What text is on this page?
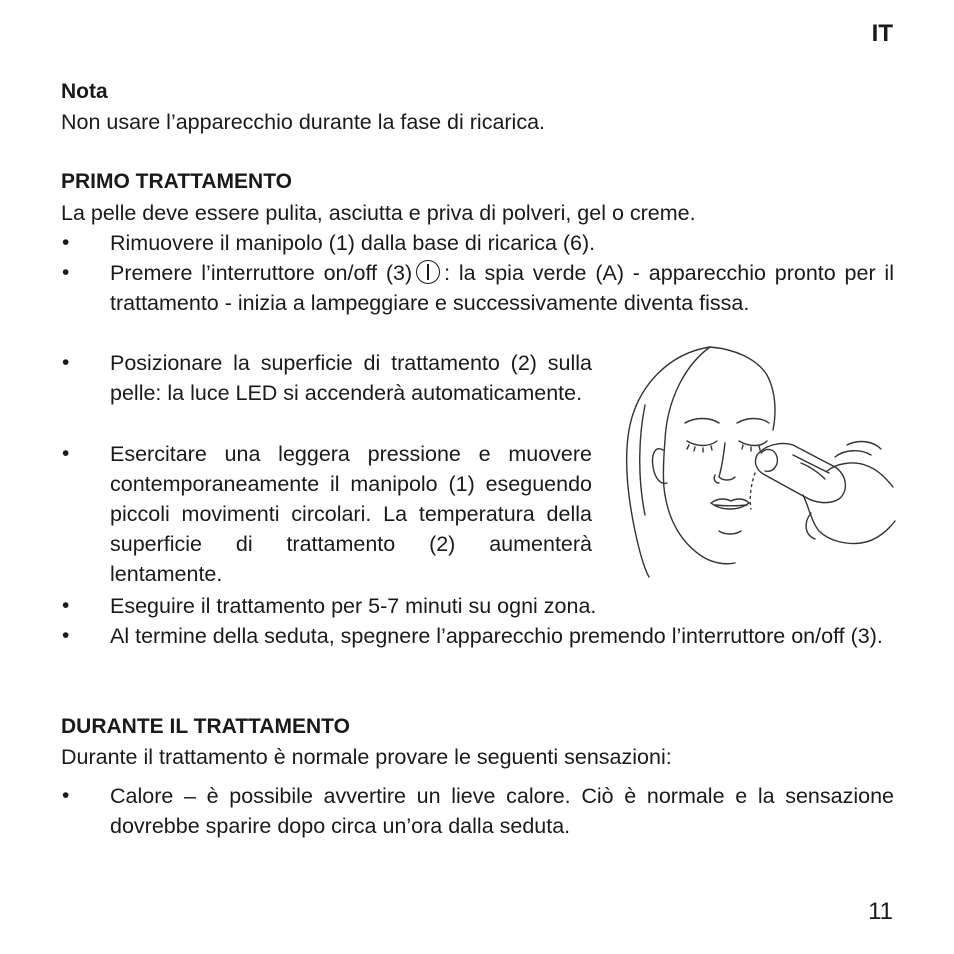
IT
Nota
Non usare l’apparecchio durante la fase di ricarica.
PRIMO TRATTAMENTO
La pelle deve essere pulita, asciutta e priva di polveri, gel o creme.
• Rimuovere il manipolo (1) dalla base di ricarica (6).
• Premere l’interruttore on/off (3) : la spia verde (A) - apparecchio pronto per il trattamento - inizia a lampeggiare e successivamente diventa fissa.
• Posizionare la superficie di trattamento (2) sulla pelle: la luce LED si accenderà automaticamente.
• Esercitare una leggera pressione e muovere contemporaneamente il manipolo (1) eseguendo piccoli movimenti circolari. La temperatura della superficie di trattamento (2) aumenterà lentamente.
• Eseguire il trattamento per 5-7 minuti su ogni zona.
• Al termine della seduta, spegnere l’apparecchio premendo l’interruttore on/off (3).
DURANTE IL TRATTAMENTO
Durante il trattamento è normale provare le seguenti sensazioni:
• Calore – è possibile avvertire un lieve calore. Ciò è normale e la sensazione dovrebbe sparire dopo circa un’ora dalla seduta.
11
